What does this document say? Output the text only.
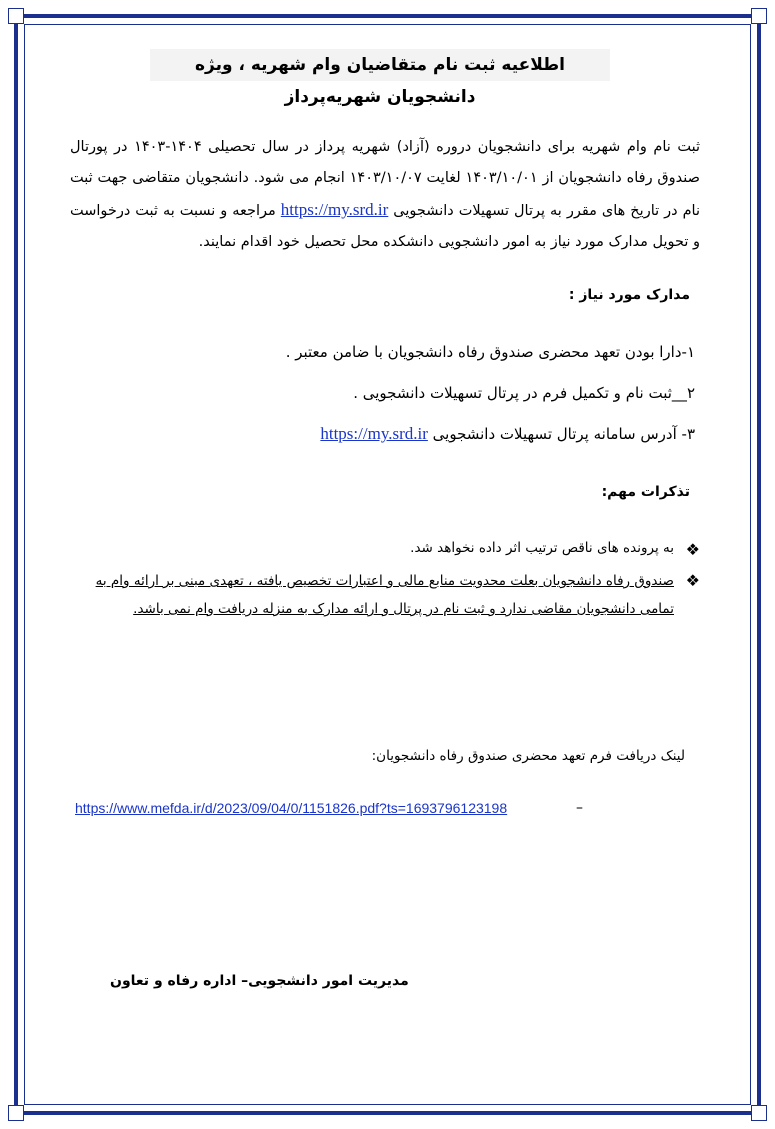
اطلاعیه ثبت نام متقاضیان وام شهریه ، ویژه دانشجویان شهریه‌پرداز
ثبت نام وام شهریه برای دانشجویان دروره (آزاد) شهریه پرداز در سال تحصیلی ۱۴۰۴-۱۴۰۳ در پورتال صندوق رفاه دانشجویان از ۱۴۰۳/۱۰/۰۱ لغایت ۱۴۰۳/۱۰/۰۷ انجام می شود. دانشجویان متقاضی جهت ثبت نام در تاریخ های مقرر به پرتال تسهیلات دانشجویی https://my.srd.ir مراجعه و نسبت به ثبت درخواست و تحویل مدارک مورد نیاز به امور دانشجویی دانشکده محل تحصیل خود اقدام نمایند.
مدارک مورد نیاز :
۱-دارا بودن تعهد محضری صندوق رفاه دانشجویان با ضامن معتبر .
۲__ثبت نام و تکمیل فرم در پرتال تسهیلات دانشجویی .
۳- آدرس سامانه پرتال تسهیلات دانشجویی https://my.srd.ir
تذکرات مهم:
❖
به پرونده های ناقص ترتیب اثر داده نخواهد شد.
❖
صندوق رفاه دانشجویان بعلت محدویت منابع مالی و اعتبارات تخصیص یافته ، تعهدی مبنی بر ارائه وام به تمامی دانشجویان مقاضی ندارد و ثبت نام در پرتال و ارائه مدارک به منزله دریافت وام نمی باشد.
لینک دریافت فرم تعهد محضری صندوق رفاه دانشجویان:
https://www.mefda.ir/d/2023/09/04/0/1151826.pdf?ts=1693796123198	–
مدیریت امور دانشجویی– اداره رفاه و تعاون
